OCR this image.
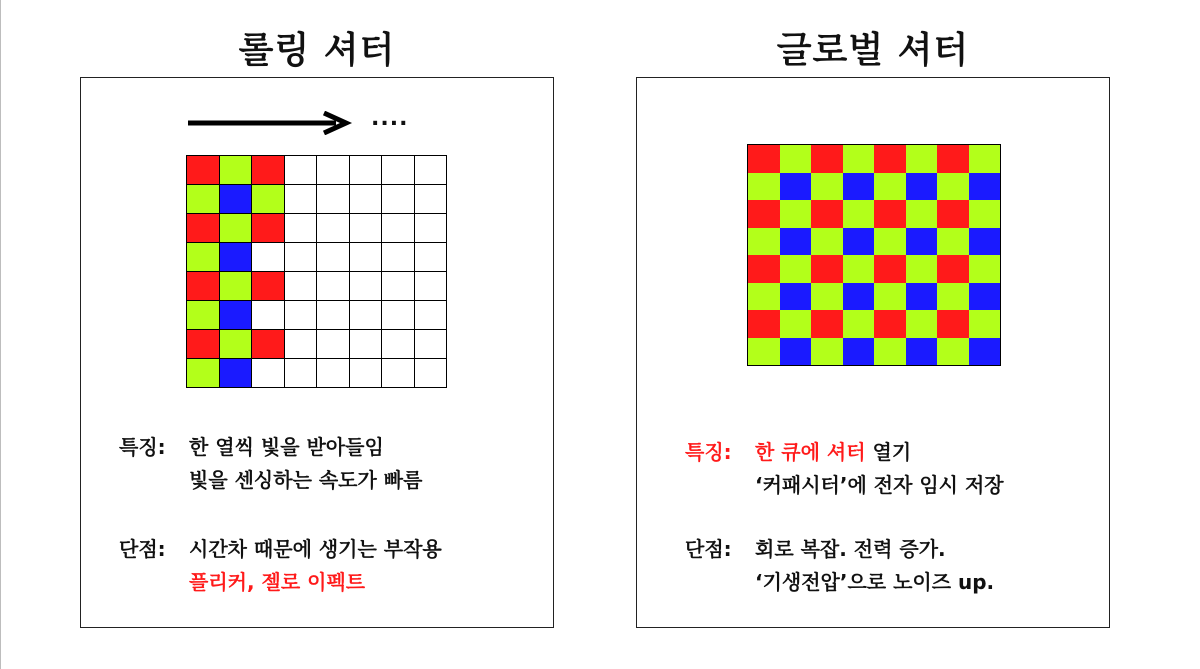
롤링 셔터	글로벌 셔터
....
특징: 한 열씩 빛을 받아들임
빛을 센싱하는 속도가 빠름
단점: 시간차 때문에 생기는 부작용
플리커, 젤로 이펙트
특징: 한 큐에 셔터 열기
‘커패시터’에 전자 임시 저장
단점: 회로 복잡. 전력 증가.
‘기생전압’으로 노이즈 up.
